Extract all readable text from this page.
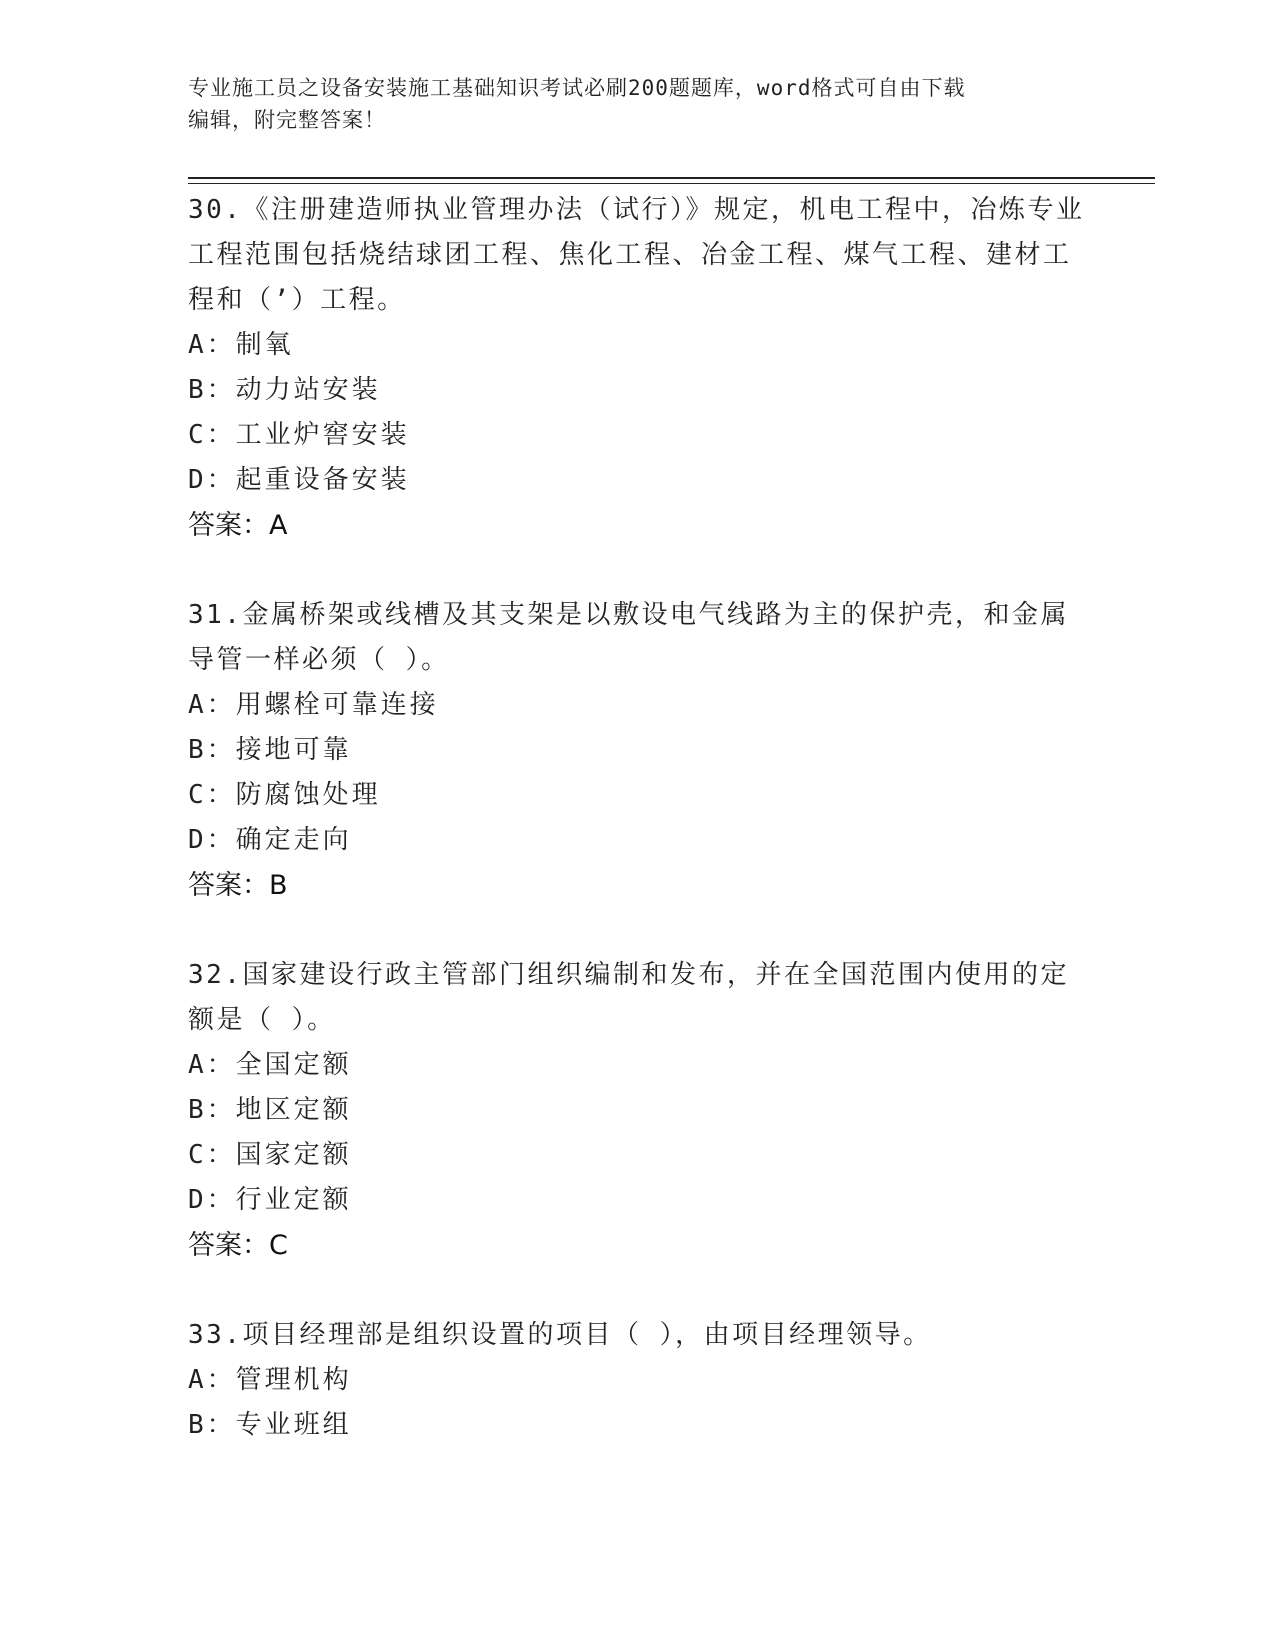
专业施工员之设备安装施工基础知识考试必刷200题题库，word格式可自由下载
编辑，附完整答案！

30.《注册建造师执业管理办法（试行）》规定，机电工程中，冶炼专业工程范围包括烧结球团工程、焦化工程、冶金工程、煤气工程、建材工程和（’）工程。

A：制氧

B：动力站安装

C：工业炉窖安装

D：起重设备安装

答案：A

31.金属桥架或线槽及其支架是以敷设电气线路为主的保护壳，和金属导管一样必须（ ）。

A：用螺栓可靠连接

B：接地可靠

C：防腐蚀处理

D：确定走向

答案：B

32.国家建设行政主管部门组织编制和发布，并在全国范围内使用的定额是（ ）。

A：全国定额

B：地区定额

C：国家定额

D：行业定额

答案：C

33.项目经理部是组织设置的项目（ ），由项目经理领导。

A：管理机构

B：专业班组
